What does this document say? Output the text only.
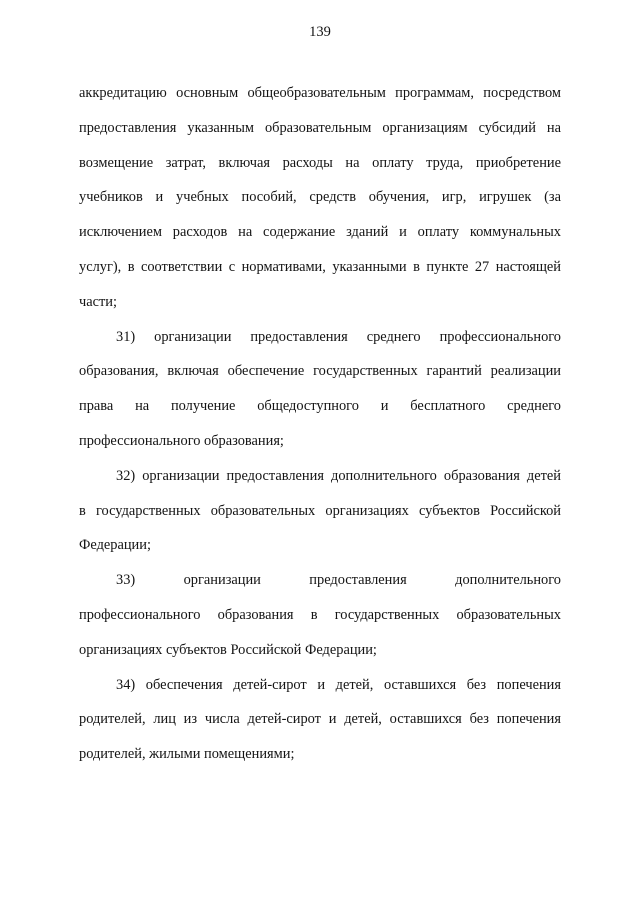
139

аккредитацию основным общеобразовательным программам, посредством
предоставления указанным образовательным организациям субсидий на
возмещение затрат, включая расходы на оплату труда, приобретение
учебников и учебных пособий, средств обучения, игр, игрушек (за
исключением расходов на содержание зданий и оплату коммунальных
услуг), в соответствии с нормативами, указанными в пункте 27 настоящей
части;

31) организации предоставления среднего профессионального
образования, включая обеспечение государственных гарантий реализации
права на получение общедоступного и бесплатного среднего
профессионального образования;

32) организации предоставления дополнительного образования детей
в государственных образовательных организациях субъектов Российской
Федерации;

33) организации предоставления дополнительного
профессионального образования в государственных образовательных
организациях субъектов Российской Федерации;

34) обеспечения детей-сирот и детей, оставшихся без попечения
родителей, лиц из числа детей-сирот и детей, оставшихся без попечения
родителей, жилыми помещениями;
